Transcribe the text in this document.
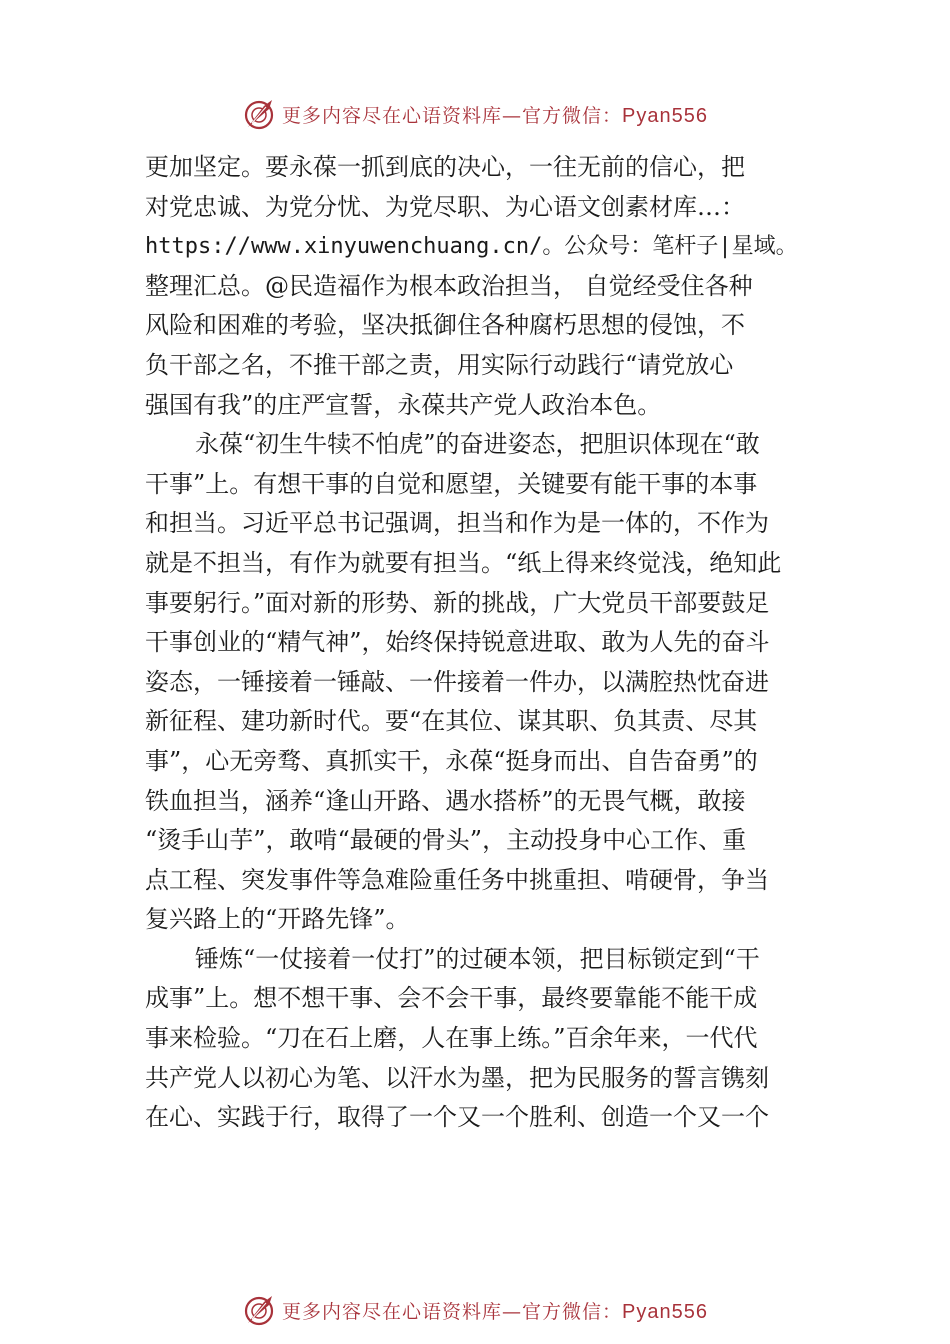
更多内容尽在心语资料库—官方微信：Pyan556
更加坚定。要永葆一抓到底的决心，一往无前的信心，把
对党忠诚、为党分忧、为党尽职、为心语文创素材库…：
https://www.xinyuwenchuang.cn/。公众号：笔杆子|星域。
整理汇总。@民造福作为根本政治担当， 自觉经受住各种
风险和困难的考验，坚决抵御住各种腐朽思想的侵蚀，不
负干部之名，不推干部之责，用实际行动践行“请党放心
强国有我”的庄严宣誓，永葆共产党人政治本色。
永葆“初生牛犊不怕虎”的奋进姿态，把胆识体现在“敢
干事”上。有想干事的自觉和愿望，关键要有能干事的本事
和担当。习近平总书记强调，担当和作为是一体的，不作为
就是不担当，有作为就要有担当。“纸上得来终觉浅，绝知此
事要躬行。”面对新的形势、新的挑战，广大党员干部要鼓足
干事创业的“精气神”，始终保持锐意进取、敢为人先的奋斗
姿态，一锤接着一锤敲、一件接着一件办，以满腔热忱奋进
新征程、建功新时代。要“在其位、谋其职、负其责、尽其
事”，心无旁骛、真抓实干，永葆“挺身而出、自告奋勇”的
铁血担当，涵养“逢山开路、遇水搭桥”的无畏气概，敢接
“烫手山芋”，敢啃“最硬的骨头”，主动投身中心工作、重
点工程、突发事件等急难险重任务中挑重担、啃硬骨，争当
复兴路上的“开路先锋”。
锤炼“一仗接着一仗打”的过硬本领，把目标锁定到“干
成事”上。想不想干事、会不会干事，最终要靠能不能干成
事来检验。“刀在石上磨，人在事上练。”百余年来，一代代
共产党人以初心为笔、以汗水为墨，把为民服务的誓言镌刻
在心、实践于行，取得了一个又一个胜利、创造一个又一个
更多内容尽在心语资料库—官方微信：Pyan556
